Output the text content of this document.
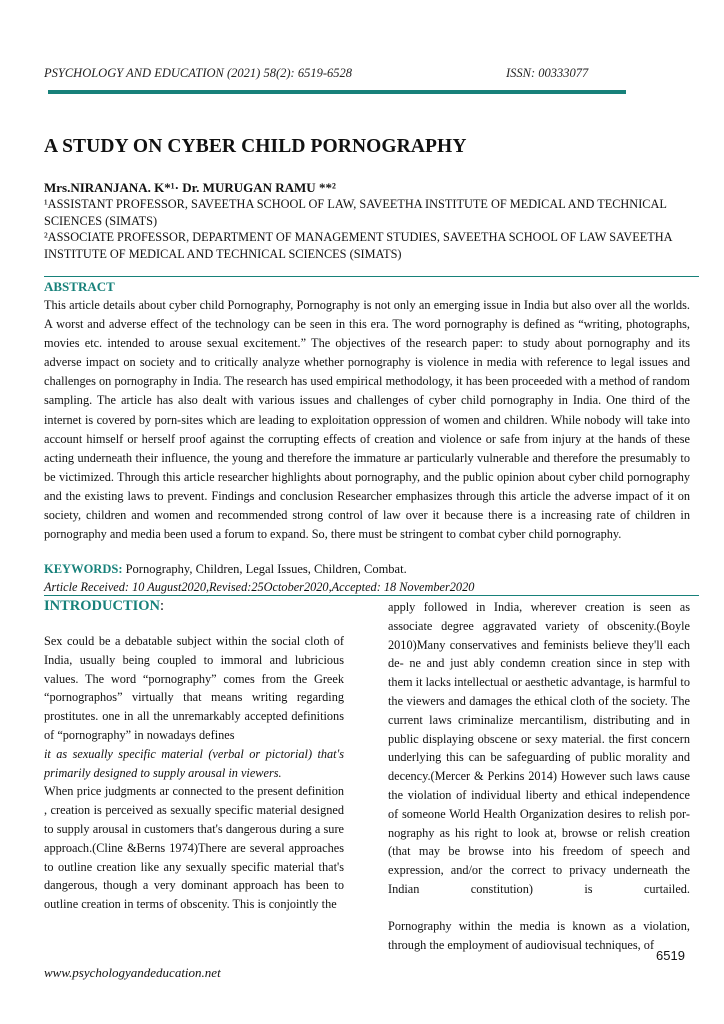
PSYCHOLOGY AND EDUCATION (2021) 58(2): 6519-6528	ISSN: 00333077
A STUDY ON CYBER CHILD PORNOGRAPHY
Mrs.NIRANJANA. K*¹· Dr. MURUGAN RAMU **²
¹ASSISTANT PROFESSOR, SAVEETHA SCHOOL OF LAW, SAVEETHA INSTITUTE OF MEDICAL AND TECHNICAL SCIENCES (SIMATS)
²ASSOCIATE PROFESSOR, DEPARTMENT OF MANAGEMENT STUDIES, SAVEETHA SCHOOL OF LAW SAVEETHA INSTITUTE OF MEDICAL AND TECHNICAL SCIENCES (SIMATS)
ABSTRACT
This article details about cyber child Pornography, Pornography is not only an emerging issue in India but also over all the worlds. A worst and adverse effect of the technology can be seen in this era. The word pornography is defined as “writing, photographs, movies etc. intended to arouse sexual excitement.” The objectives of the research paper: to study about pornography and its adverse impact on society and to critically analyze whether pornography is violence in media with reference to legal issues and challenges on pornography in India. The research has used empirical methodology, it has been proceeded with a method of random sampling. The article has also dealt with various issues and challenges of cyber child pornography in India. One third of the internet is covered by porn-sites which are leading to exploitation oppression of women and children. While nobody will take into account himself or herself proof against the corrupting effects of creation and violence or safe from injury at the hands of these acting underneath their influence, the young and therefore the immature ar particularly vulnerable and therefore the presumably to be victimized. Through this article researcher highlights about pornography, and the public opinion about cyber child pornography and the existing laws to prevent. Findings and conclusion Researcher emphasizes through this article the adverse impact of it on society, children and women and recommended strong control of law over it because there is a increasing rate of children in pornography and media been used a forum to expand. So, there must be stringent to combat cyber child pornography.
KEYWORDS: Pornography, Children, Legal Issues, Children, Combat.
Article Received: 10 August2020,Revised:25October2020,Accepted: 18 November2020
INTRODUCTION:

Sex could be a debatable subject within the social cloth of India, usually being coupled to immoral and lubricious values. The word “pornography” comes from the Greek “pornographos” virtually that means writing regarding prostitutes. one in all the unremarkably accepted definitions of “pornography” in nowadays defines

it as sexually specific material (verbal or pictorial) that's primarily designed to supply arousal in viewers.

When price judgments ar connected to the present definition , creation is perceived as sexually specific material designed to supply arousal in customers that's dangerous during a sure approach.(Cline &Berns 1974)There are several approaches to outline creation like any sexually specific material that's dangerous, though a very dominant approach has been to outline creation in terms of obscenity. This is conjointly the

apply followed in India, wherever creation is seen as associate degree aggravated variety of obscenity.(Boyle 2010)Many conservatives and feminists believe they'll each de- ne and just ably condemn creation since in step with them it lacks intellectual or aesthetic advantage, is harmful to the viewers and damages the ethical cloth of the society. The current laws criminalize mercantilism, distributing and in public displaying obscene or sexy material. the first concern underlying this can be safeguarding of public morality and decency.(Mercer & Perkins 2014) However such laws cause the violation of individual liberty and ethical independence of someone World Health Organization desires to relish por- nography as his right to look at, browse or relish creation (that may be browse into his freedom of speech and expression, and/or the correct to privacy underneath the Indian constitution) is curtailed.

Pornography within the media is known as a violation, through the employment of audiovisual techniques, of

www.psychologyandeducation.net
6519
